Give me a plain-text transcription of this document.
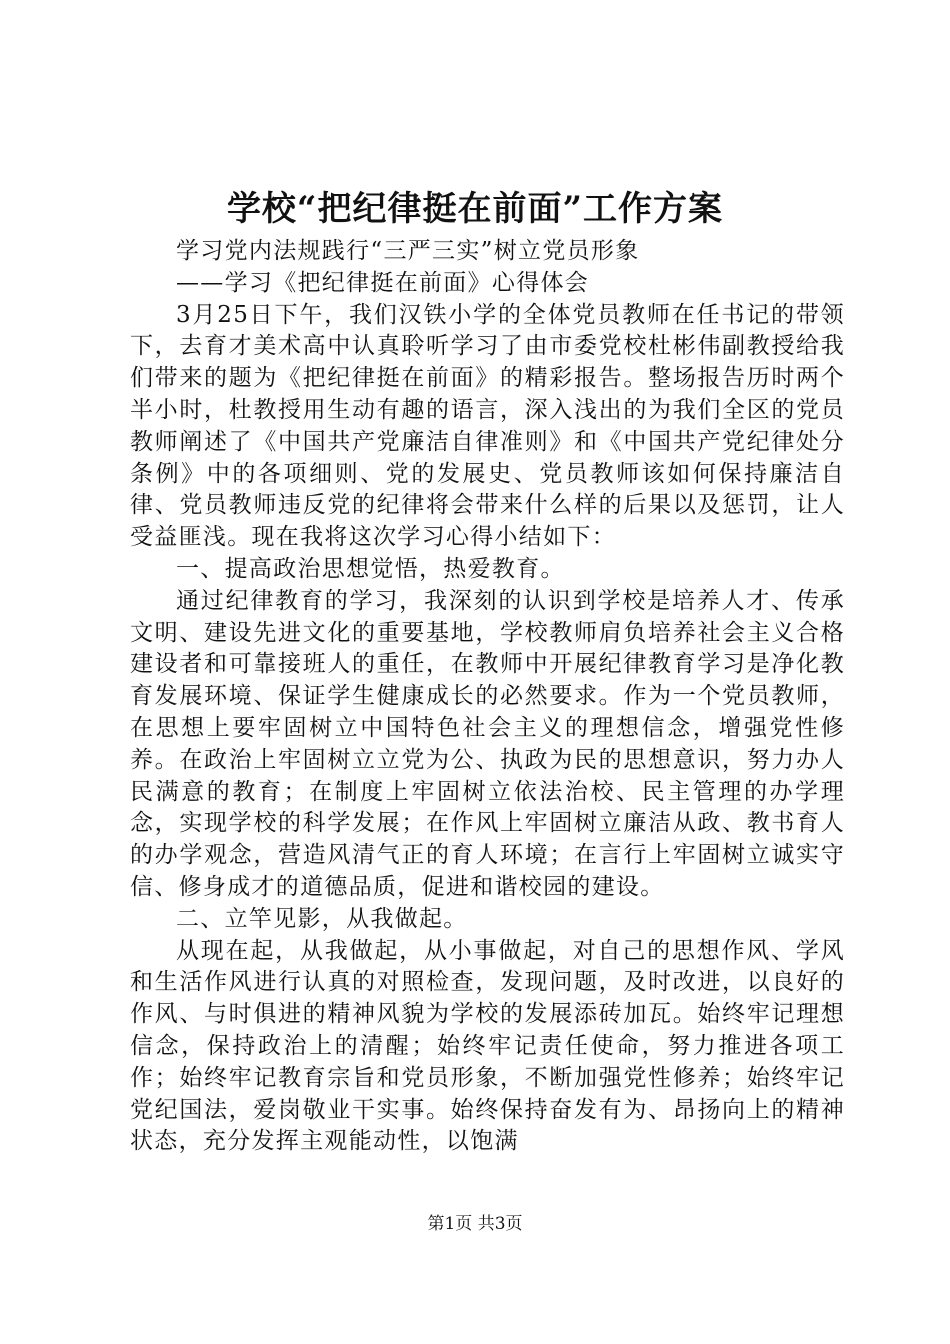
学校“把纪律挺在前面”工作方案

学习党内法规践行“三严三实”树立党员形象

——学习《把纪律挺在前面》心得体会

3月25日下午，我们汉铁小学的全体党员教师在任书记的带领下，去育才美术高中认真聆听学习了由市委党校杜彬伟副教授给我们带来的题为《把纪律挺在前面》的精彩报告。整场报告历时两个半小时，杜教授用生动有趣的语言，深入浅出的为我们全区的党员教师阐述了《中国共产党廉洁自律准则》和《中国共产党纪律处分条例》中的各项细则、党的发展史、党员教师该如何保持廉洁自律、党员教师违反党的纪律将会带来什么样的后果以及惩罚，让人受益匪浅。现在我将这次学习心得小结如下：

一、提高政治思想觉悟，热爱教育。

通过纪律教育的学习，我深刻的认识到学校是培养人才、传承文明、建设先进文化的重要基地，学校教师肩负培养社会主义合格建设者和可靠接班人的重任，在教师中开展纪律教育学习是净化教育发展环境、保证学生健康成长的必然要求。作为一个党员教师，在思想上要牢固树立中国特色社会主义的理想信念，增强党性修养。在政治上牢固树立立党为公、执政为民的思想意识，努力办人民满意的教育；在制度上牢固树立依法治校、民主管理的办学理念，实现学校的科学发展；在作风上牢固树立廉洁从政、教书育人的办学观念，营造风清气正的育人环境；在言行上牢固树立诚实守信、修身成才的道德品质，促进和谐校园的建设。

二、立竿见影，从我做起。

从现在起，从我做起，从小事做起，对自己的思想作风、学风和生活作风进行认真的对照检查，发现问题，及时改进，以良好的作风、与时俱进的精神风貌为学校的发展添砖加瓦。始终牢记理想信念，保持政治上的清醒；始终牢记责任使命，努力推进各项工作；始终牢记教育宗旨和党员形象，不断加强党性修养；始终牢记党纪国法，爱岗敬业干实事。始终保持奋发有为、昂扬向上的精神状态，充分发挥主观能动性，以饱满

第1页 共3页
